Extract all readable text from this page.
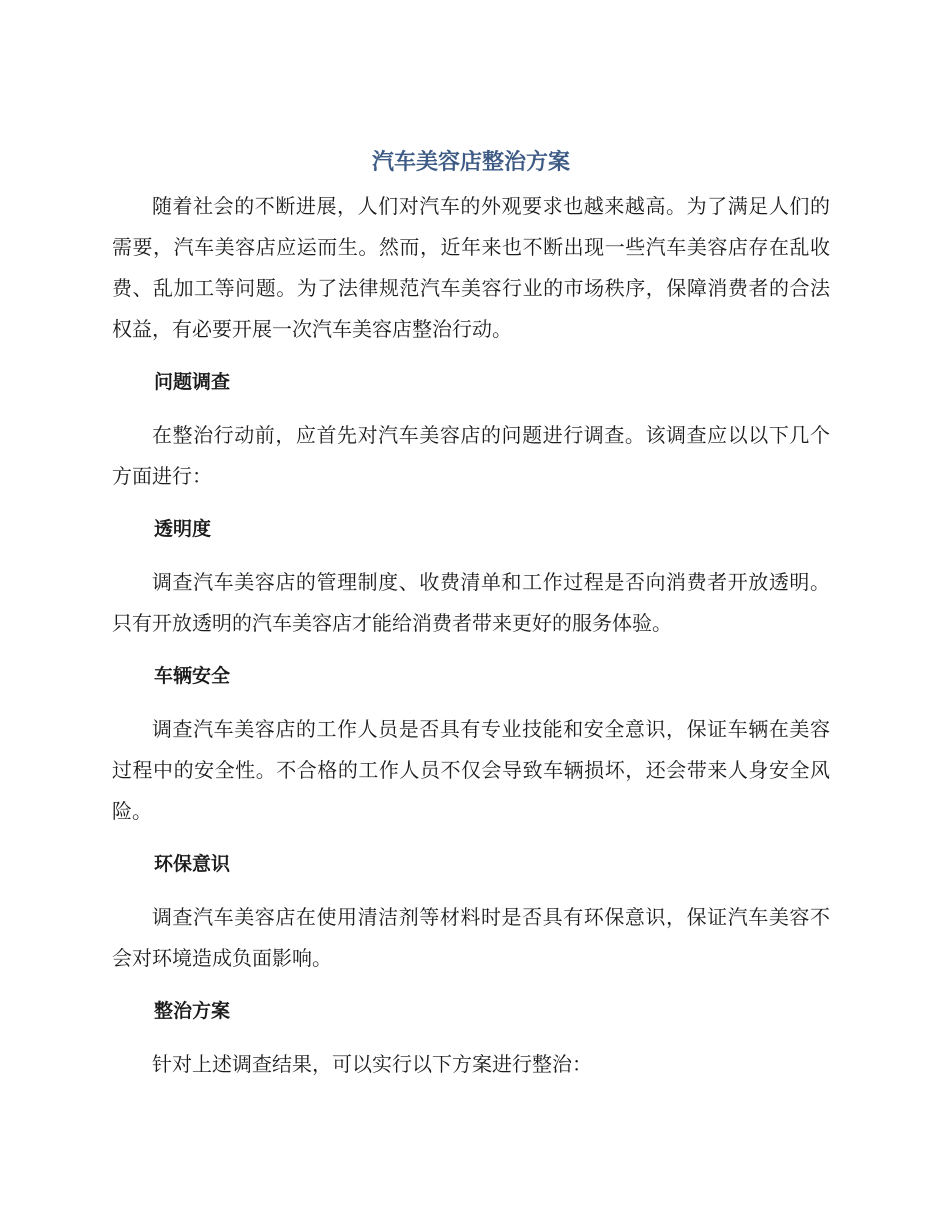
汽车美容店整治方案

随着社会的不断进展，人们对汽车的外观要求也越来越高。为了满足人们的需要，汽车美容店应运而生。然而，近年来也不断出现一些汽车美容店存在乱收费、乱加工等问题。为了法律规范汽车美容行业的市场秩序，保障消费者的合法权益，有必要开展一次汽车美容店整治行动。

问题调查

在整治行动前，应首先对汽车美容店的问题进行调查。该调查应以以下几个方面进行：

透明度

调查汽车美容店的管理制度、收费清单和工作过程是否向消费者开放透明。只有开放透明的汽车美容店才能给消费者带来更好的服务体验。

车辆安全

调查汽车美容店的工作人员是否具有专业技能和安全意识，保证车辆在美容过程中的安全性。不合格的工作人员不仅会导致车辆损坏，还会带来人身安全风险。

环保意识

调查汽车美容店在使用清洁剂等材料时是否具有环保意识，保证汽车美容不会对环境造成负面影响。

整治方案

针对上述调查结果，可以实行以下方案进行整治：
